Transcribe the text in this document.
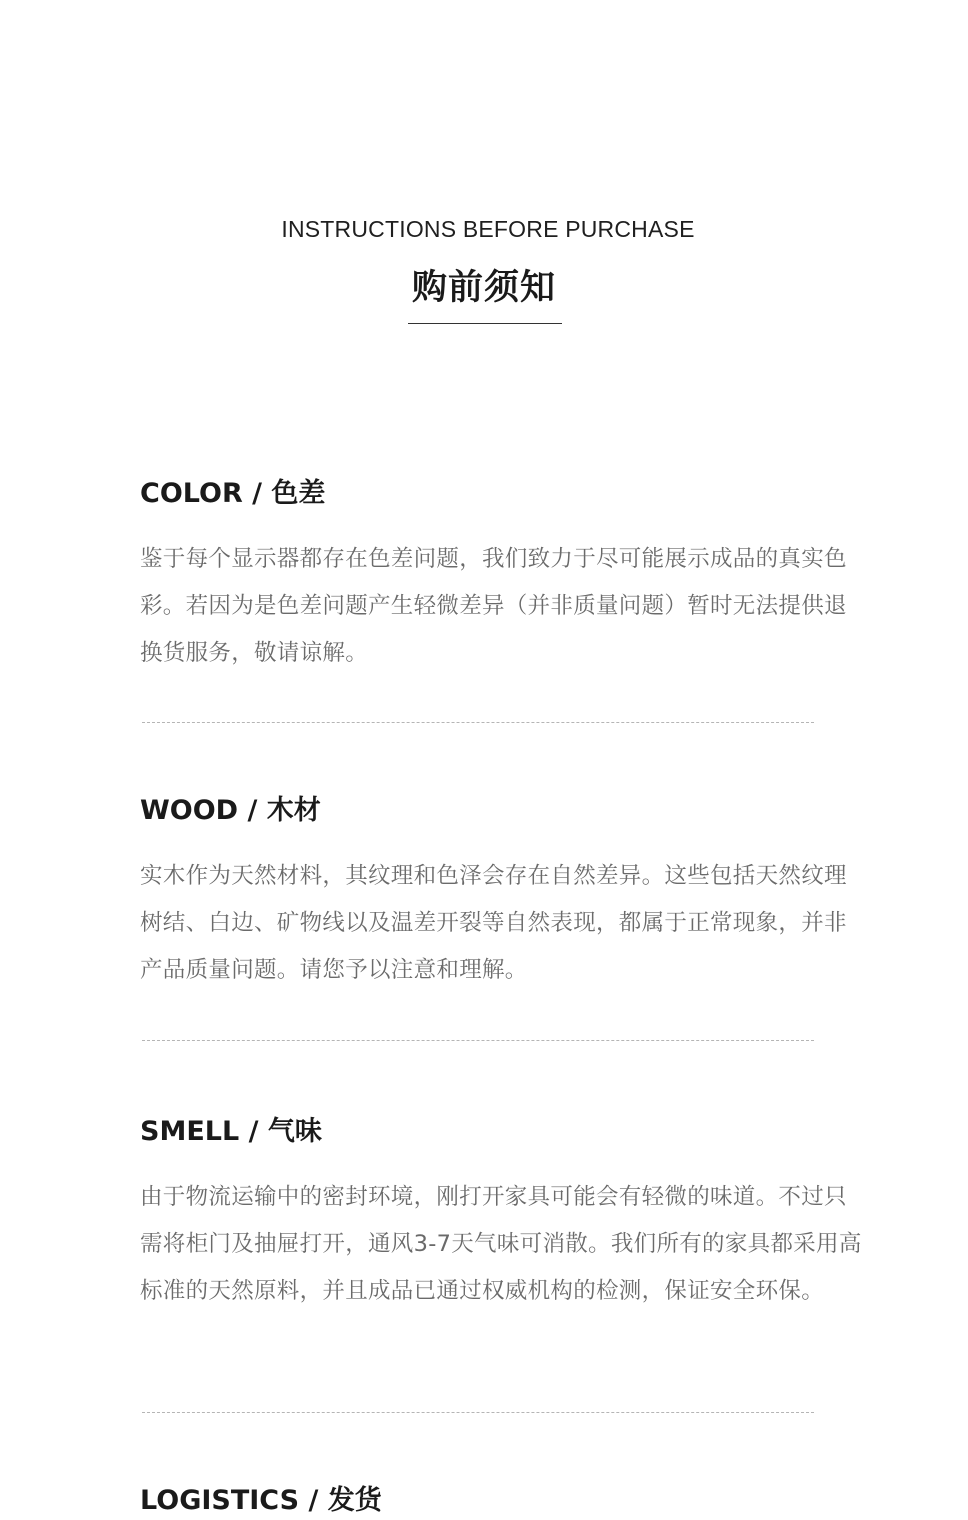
INSTRUCTIONS BEFORE PURCHASE
购前须知
COLOR / 色差

鉴于每个显示器都存在色差问题，我们致力于尽可能展示成品的真实色彩。若因为是色差问题产生轻微差异（并非质量问题）暂时无法提供退换货服务，敬请谅解。

WOOD / 木材

实木作为天然材料，其纹理和色泽会存在自然差异。这些包括天然纹理树结、白边、矿物线以及温差开裂等自然表现，都属于正常现象，并非产品质量问题。请您予以注意和理解。

SMELL / 气味

由于物流运输中的密封环境，刚打开家具可能会有轻微的味道。不过只需将柜门及抽屉打开，通风3-7天气味可消散。我们所有的家具都采用高标准的天然原料，并且成品已通过权威机构的检测，保证安全环保。

LOGISTICS / 发货
